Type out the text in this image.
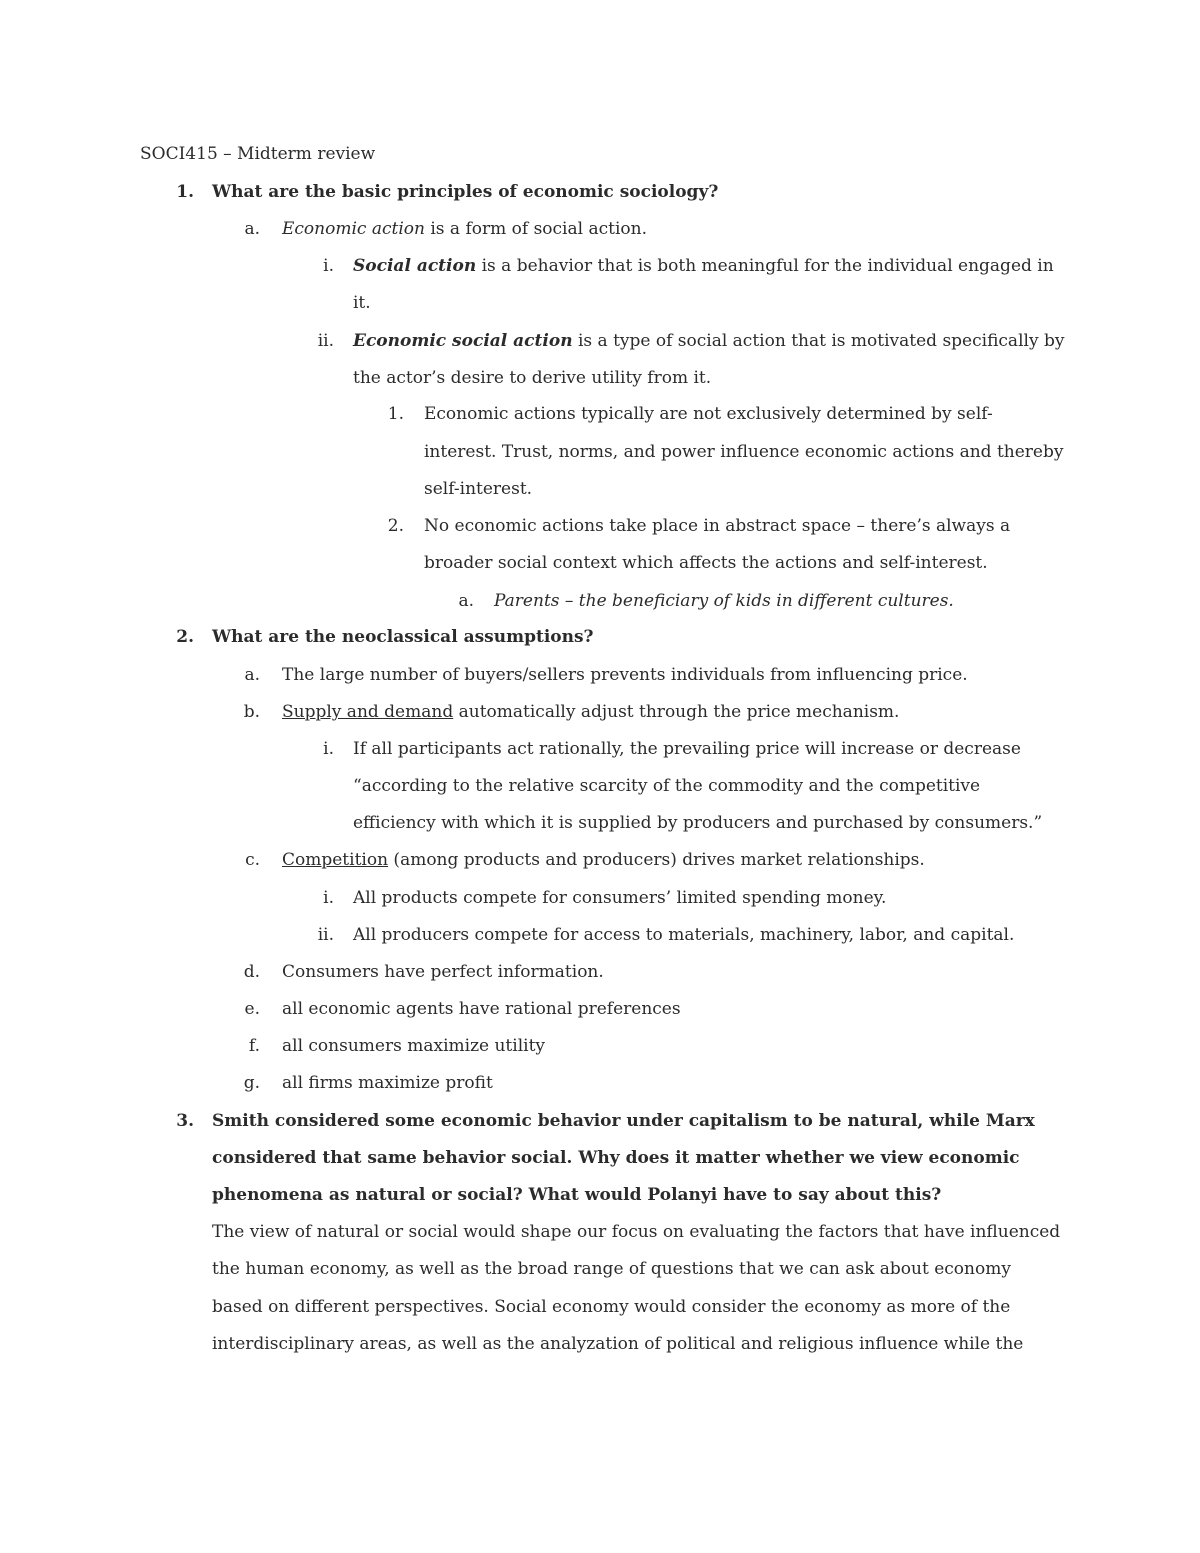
SOCI415 – Midterm review
1. What are the basic principles of economic sociology?
a. Economic action is a form of social action.
i. Social action is a behavior that is both meaningful for the individual engaged in
it.
ii. Economic social action is a type of social action that is motivated specifically by
the actor’s desire to derive utility from it.
1. Economic actions typically are not exclusively determined by self-
interest. Trust, norms, and power influence economic actions and thereby
self-interest.
2. No economic actions take place in abstract space – there’s always a
broader social context which affects the actions and self-interest.
a. Parents – the beneficiary of kids in different cultures.
2. What are the neoclassical assumptions?
a. The large number of buyers/sellers prevents individuals from influencing price.
b. Supply and demand automatically adjust through the price mechanism.
i. If all participants act rationally, the prevailing price will increase or decrease
“according to the relative scarcity of the commodity and the competitive
efficiency with which it is supplied by producers and purchased by consumers.”
c. Competition (among products and producers) drives market relationships.
i. All products compete for consumers’ limited spending money.
ii. All producers compete for access to materials, machinery, labor, and capital.
d. Consumers have perfect information.
e. all economic agents have rational preferences
f. all consumers maximize utility
g. all firms maximize profit
3. Smith considered some economic behavior under capitalism to be natural, while Marx
considered that same behavior social. Why does it matter whether we view economic
phenomena as natural or social? What would Polanyi have to say about this?
The view of natural or social would shape our focus on evaluating the factors that have influenced
the human economy, as well as the broad range of questions that we can ask about economy
based on different perspectives. Social economy would consider the economy as more of the
interdisciplinary areas, as well as the analyzation of political and religious influence while the
